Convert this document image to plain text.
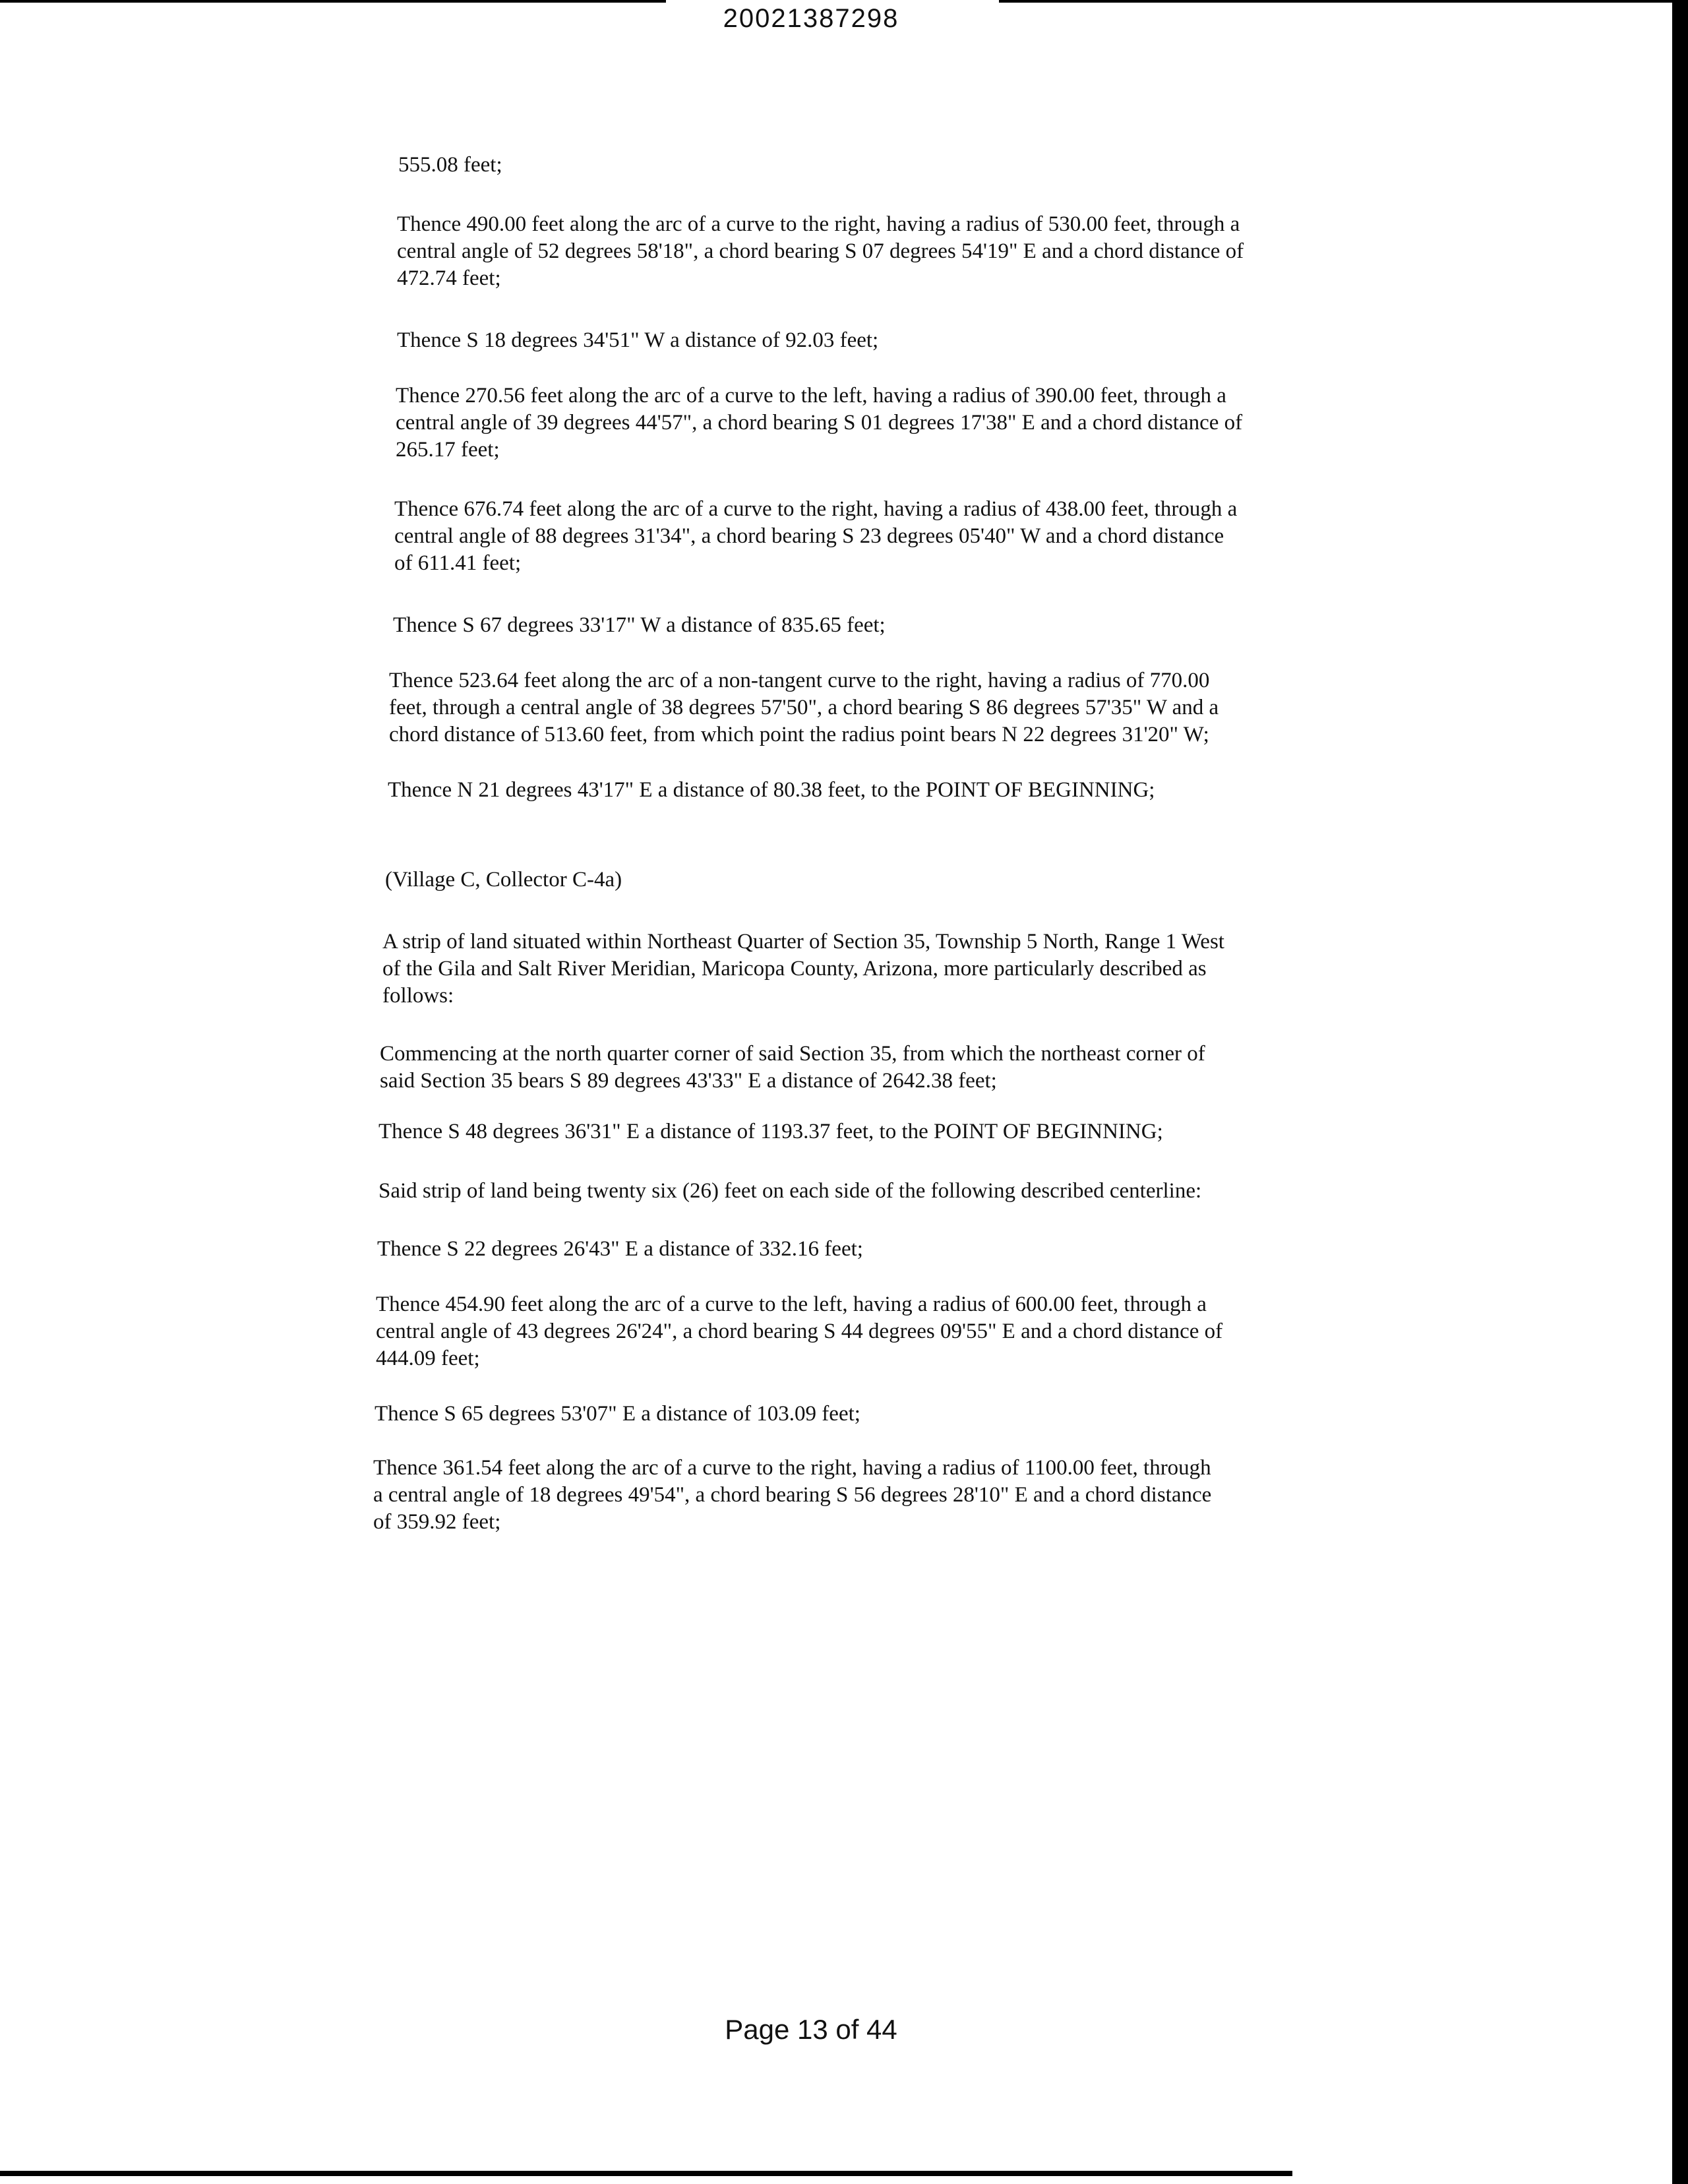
20021387298

555.08 feet;

Thence 490.00 feet along the arc of a curve to the right, having a radius of 530.00 feet, through a
central angle of 52 degrees 58'18", a chord bearing S 07 degrees 54'19" E and a chord distance of
472.74 feet;

Thence S 18 degrees 34'51" W a distance of 92.03 feet;

Thence 270.56 feet along the arc of a curve to the left, having a radius of 390.00 feet, through a
central angle of 39 degrees 44'57", a chord bearing S 01 degrees 17'38" E and a chord distance of
265.17 feet;

Thence 676.74 feet along the arc of a curve to the right, having a radius of 438.00 feet, through a
central angle of 88 degrees 31'34", a chord bearing S 23 degrees 05'40" W and a chord distance
of 611.41 feet;

Thence S 67 degrees 33'17" W a distance of 835.65 feet;

Thence 523.64 feet along the arc of a non-tangent curve to the right, having a radius of 770.00
feet, through a central angle of 38 degrees 57'50", a chord bearing S 86 degrees 57'35" W and a
chord distance of 513.60 feet, from which point the radius point bears N 22 degrees 31'20" W;

Thence N 21 degrees 43'17" E a distance of 80.38 feet, to the POINT OF BEGINNING;

(Village C, Collector C-4a)

A strip of land situated within Northeast Quarter of Section 35, Township 5 North, Range 1 West
of the Gila and Salt River Meridian, Maricopa County, Arizona, more particularly described as
follows:

Commencing at the north quarter corner of said Section 35, from which the northeast corner of
said Section 35 bears S 89 degrees 43'33" E a distance of 2642.38 feet;

Thence S 48 degrees 36'31" E a distance of 1193.37 feet, to the POINT OF BEGINNING;

Said strip of land being twenty six (26) feet on each side of the following described centerline:

Thence S 22 degrees 26'43" E a distance of 332.16 feet;

Thence 454.90 feet along the arc of a curve to the left, having a radius of 600.00 feet, through a
central angle of 43 degrees 26'24", a chord bearing S 44 degrees 09'55" E and a chord distance of
444.09 feet;

Thence S 65 degrees 53'07" E a distance of 103.09 feet;

Thence 361.54 feet along the arc of a curve to the right, having a radius of 1100.00 feet, through
a central angle of 18 degrees 49'54", a chord bearing S 56 degrees 28'10" E and a chord distance
of 359.92 feet;

Page 13 of 44
